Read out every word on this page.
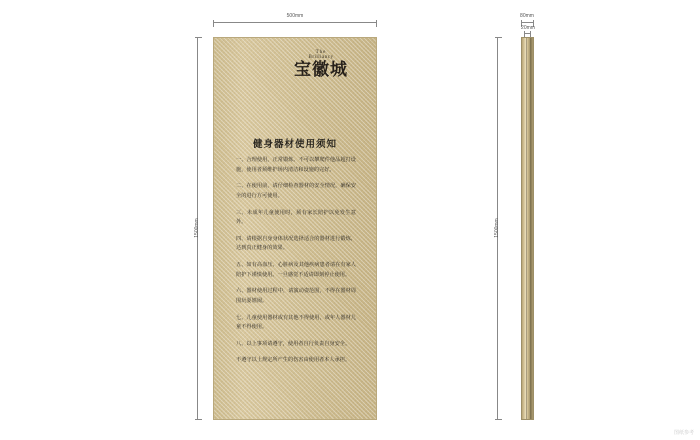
500mm
1500mm
The
Brilliancy
宝徽城
健身器材使用须知

一、合理使用，正常锻炼。不可以攀爬件他品超打设施，使用者须维护场内清洁和设施的完好。

二、在使用前，请仔细检查器材的安全情况，确保安全的进行方可使用。

三、未成年儿童使用时，须有家长陪护以免发生意外。

四、请根据自身身体状况选择适合的器材进行锻炼，达到真正健身的效果。

五、如有高血压、心脏病及其他疾病患者请在有家人陪护下谨慎使用。一旦感觉不适请即刻停止使用。

六、器材使用过程中，请演动姿范围，不得在器材周围玩耍嬉闹。

七、儿童使用器材或有其他不得使用，或年人器材儿童不得使用。

八、以上事项请遵守，使用者自行负责自身安全。

不遵守以上规定所产生的伤害由使用者本人承担。

80mm
20mm
1500mm
图纸参考
